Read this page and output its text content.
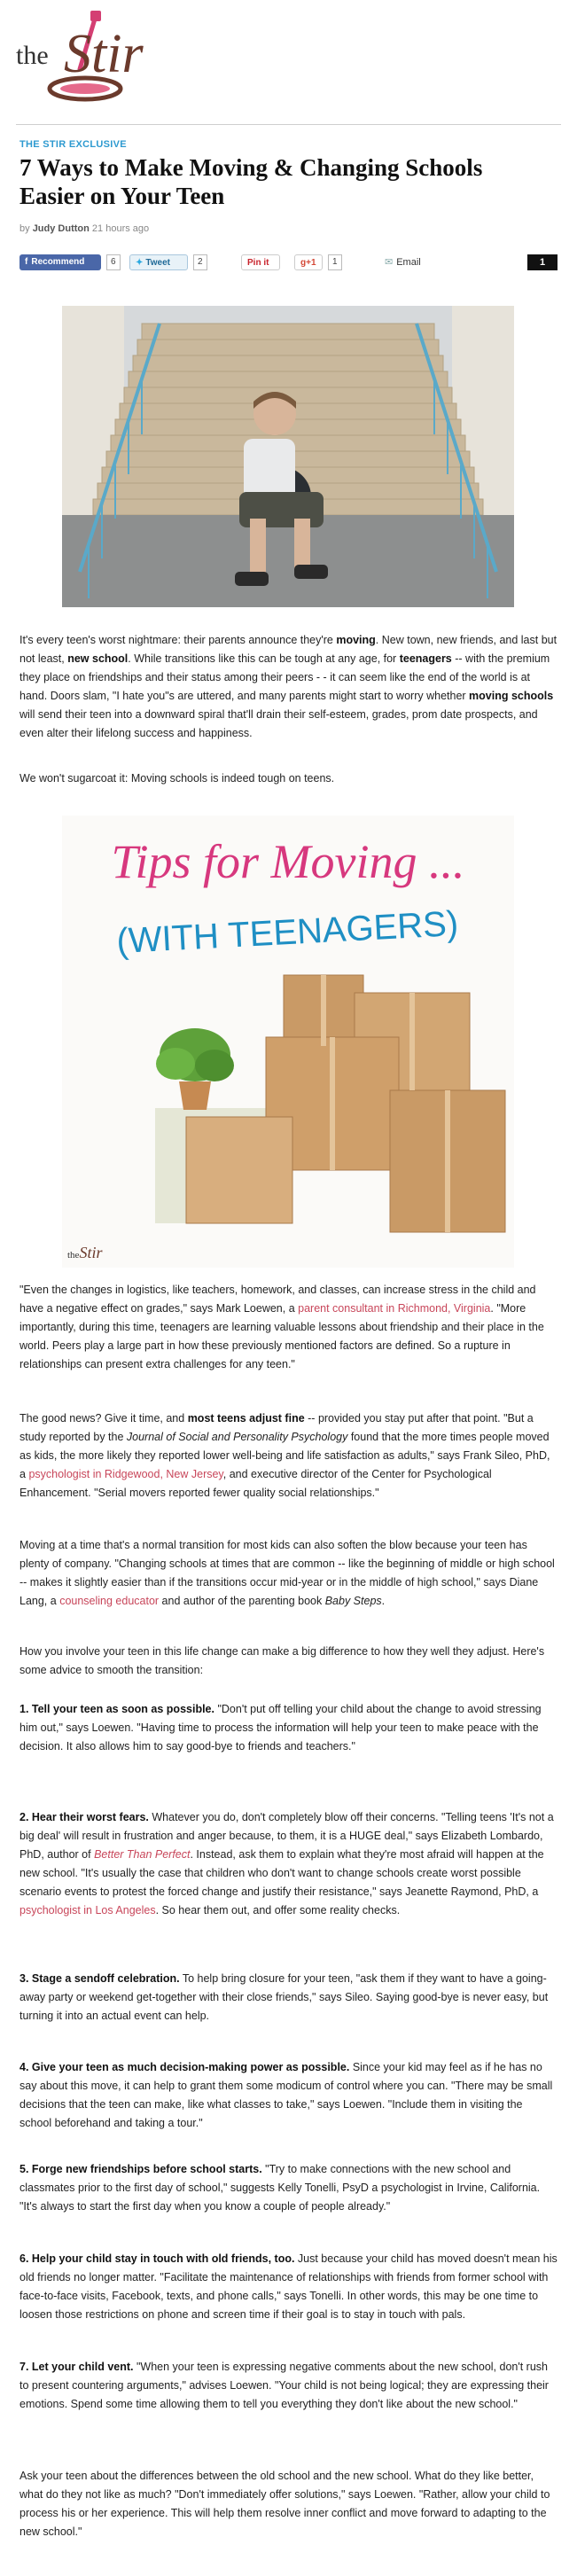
the Stir
THE STIR EXCLUSIVE
7 Ways to Make Moving & Changing Schools Easier on Your Teen
by Judy Dutton 21 hours ago
f Recommend	6	✦ Tweet	2	Pin it	g+1	1	✉ Email	1

It's every teen's worst nightmare: their parents announce they're moving. New town, new friends, and last but not least, new school. While transitions like this can be tough at any age, for teenagers -- with the premium they place on friendships and their status among their peers - - it can seem like the end of the world is at hand. Doors slam, "I hate you"s are uttered, and many parents might start to worry whether moving schools will send their teen into a downward spiral that'll drain their self-esteem, grades, prom date prospects, and even alter their lifelong success and happiness.

We won't sugarcoat it: Moving schools is indeed tough on teens.

Tips for Moving ...
(WITH TEENAGERS)
theStir

"Even the changes in logistics, like teachers, homework, and classes, can increase stress in the child and have a negative effect on grades," says Mark Loewen, a parent consultant in Richmond, Virginia. "More importantly, during this time, teenagers are learning valuable lessons about friendship and their place in the world. Peers play a large part in how these previously mentioned factors are defined. So a rupture in relationships can present extra challenges for any teen."

The good news? Give it time, and most teens adjust fine -- provided you stay put after that point. "But a study reported by the Journal of Social and Personality Psychology found that the more times people moved as kids, the more likely they reported lower well-being and life satisfaction as adults," says Frank Sileo, PhD, a psychologist in Ridgewood, New Jersey, and executive director of the Center for Psychological Enhancement. "Serial movers reported fewer quality social relationships."

Moving at a time that's a normal transition for most kids can also soften the blow because your teen has plenty of company. "Changing schools at times that are common -- like the beginning of middle or high school -- makes it slightly easier than if the transitions occur mid-year or in the middle of high school," says Diane Lang, a counseling educator and author of the parenting book Baby Steps.

How you involve your teen in this life change can make a big difference to how they well they adjust. Here's some advice to smooth the transition:

1. Tell your teen as soon as possible. "Don't put off telling your child about the change to avoid stressing him out," says Loewen. "Having time to process the information will help your teen to make peace with the decision. It also allows him to say good-bye to friends and teachers."

2. Hear their worst fears. Whatever you do, don't completely blow off their concerns. "Telling teens 'It's not a big deal' will result in frustration and anger because, to them, it is a HUGE deal," says Elizabeth Lombardo, PhD, author of Better Than Perfect. Instead, ask them to explain what they're most afraid will happen at the new school. "It's usually the case that children who don't want to change schools create worst possible scenario events to protest the forced change and justify their resistance," says Jeanette Raymond, PhD, a psychologist in Los Angeles. So hear them out, and offer some reality checks.

3. Stage a sendoff celebration. To help bring closure for your teen, "ask them if they want to have a going-away party or weekend get-together with their close friends," says Sileo. Saying good-bye is never easy, but turning it into an actual event can help.

4. Give your teen as much decision-making power as possible. Since your kid may feel as if he has no say about this move, it can help to grant them some modicum of control where you can. "There may be small decisions that the teen can make, like what classes to take," says Loewen. "Include them in visiting the school beforehand and taking a tour."

5. Forge new friendships before school starts. "Try to make connections with the new school and classmates prior to the first day of school," suggests Kelly Tonelli, PsyD a psychologist in Irvine, California. "It's always to start the first day when you know a couple of people already."

6. Help your child stay in touch with old friends, too. Just because your child has moved doesn't mean his old friends no longer matter. "Facilitate the maintenance of relationships with friends from former school with face-to-face visits, Facebook, texts, and phone calls," says Tonelli. In other words, this may be one time to loosen those restrictions on phone and screen time if their goal is to stay in touch with pals.

7. Let your child vent. "When your teen is expressing negative comments about the new school, don't rush to present countering arguments," advises Loewen. "Your child is not being logical; they are expressing their emotions. Spend some time allowing them to tell you everything they don't like about the new school."

Ask your teen about the differences between the old school and the new school. What do they like better, what do they not like as much? "Don't immediately offer solutions," says Loewen. "Rather, allow your child to process his or her experience. This will help them resolve inner conflict and move forward to adapting to the new school."
